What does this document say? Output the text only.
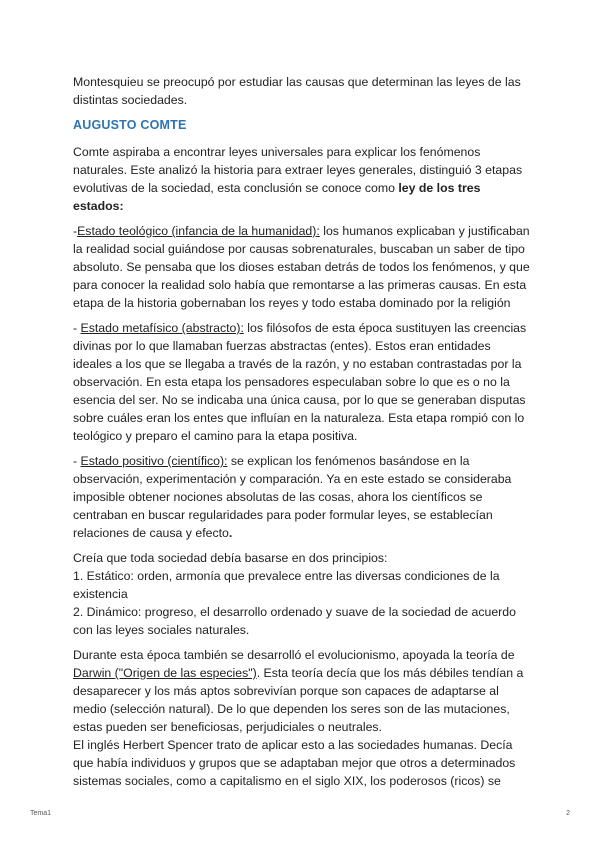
Montesquieu se preocupó por estudiar las causas que determinan las leyes de las distintas sociedades.

AUGUSTO COMTE

Comte aspiraba a encontrar leyes universales para explicar los fenómenos naturales. Este analizó la historia para extraer leyes generales, distinguió 3 etapas evolutivas de la sociedad, esta conclusión se conoce como ley de los tres estados:

-Estado teológico (infancia de la humanidad): los humanos explicaban y justificaban la realidad social guiándose por causas sobrenaturales, buscaban un saber de tipo absoluto. Se pensaba que los dioses estaban detrás de todos los fenómenos, y que para conocer la realidad solo había que remontarse a las primeras causas. En esta etapa de la historia gobernaban los reyes y todo estaba dominado por la religión

- Estado metafísico (abstracto): los filósofos de esta época sustituyen las creencias divinas por lo que llamaban fuerzas abstractas (entes). Estos eran entidades ideales a los que se llegaba a través de la razón, y no estaban contrastadas por la observación. En esta etapa los pensadores especulaban sobre lo que es o no la esencia del ser. No se indicaba una única causa, por lo que se generaban disputas sobre cuáles eran los entes que influían en la naturaleza. Esta etapa rompió con lo teológico y preparo el camino para la etapa positiva.

- Estado positivo (científico): se explican los fenómenos basándose en la observación, experimentación y comparación. Ya en este estado se consideraba imposible obtener nociones absolutas de las cosas, ahora los científicos se centraban en buscar regularidades para poder formular leyes, se establecían relaciones de causa y efecto.

Creía que toda sociedad debía basarse en dos principios:

1. Estático: orden, armonía que prevalece entre las diversas condiciones de la existencia

2. Dinámico: progreso, el desarrollo ordenado y suave de la sociedad de acuerdo con las leyes sociales naturales.

Durante esta época también se desarrolló el evolucionismo, apoyada la teoría de Darwin ("Origen de las especies"). Esta teoría decía que los más débiles tendían a desaparecer y los más aptos sobrevivían porque son capaces de adaptarse al medio (selección natural). De lo que dependen los seres son de las mutaciones, estas pueden ser beneficiosas, perjudiciales o neutrales.

El inglés Herbert Spencer trato de aplicar esto a las sociedades humanas. Decía que había individuos y grupos que se adaptaban mejor que otros a determinados sistemas sociales, como a capitalismo en el siglo XIX, los poderosos (ricos) se

Tema1	2
